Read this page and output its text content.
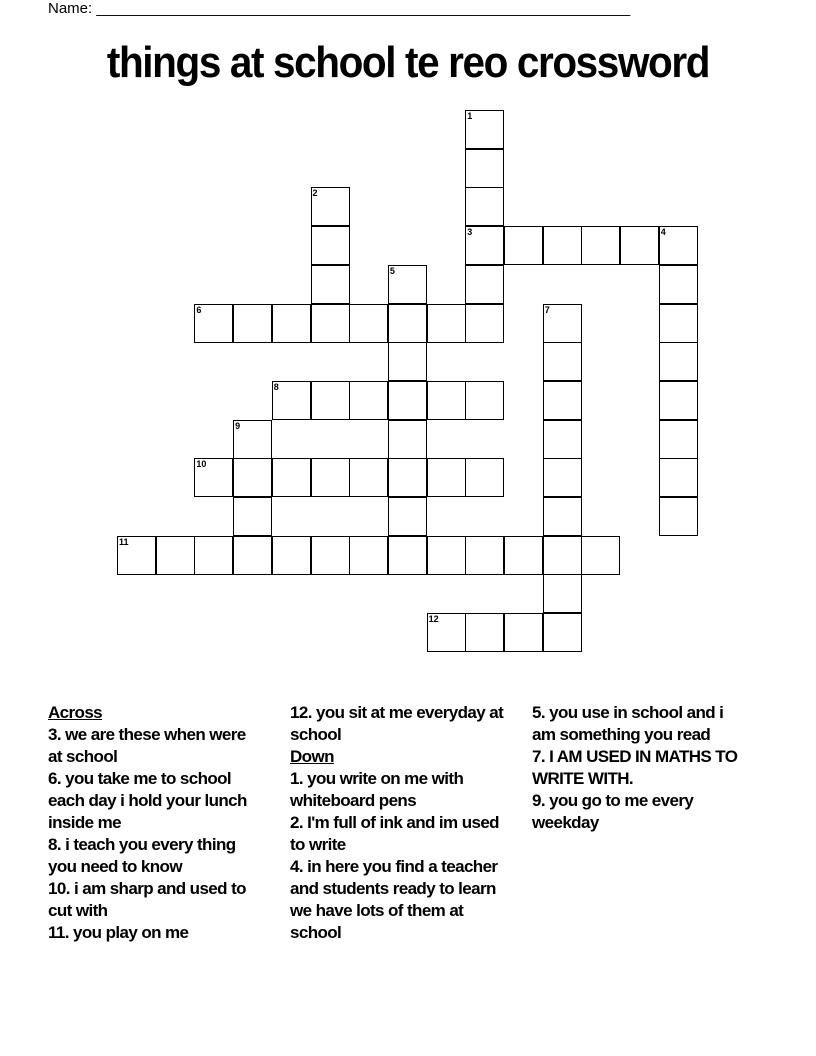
Name: ________________________________________________________________
things at school te reo crossword
1
3
2
4
6
5
7
8
9
10
11
12
Across
3. we are these when were at school
6. you take me to school each day i hold your lunch inside me
8. i teach you every thing you need to know
10. i am sharp and used to cut with
11. you play on me
12. you sit at me everyday at school
Down
1. you write on me with whiteboard pens
2. I'm full of ink and im used to write
4. in here you find a teacher and students ready to learn we have lots of them at school
5. you use in school and i am something you read
7. I AM USED IN MATHS TO WRITE WITH.
9. you go to me every weekday
